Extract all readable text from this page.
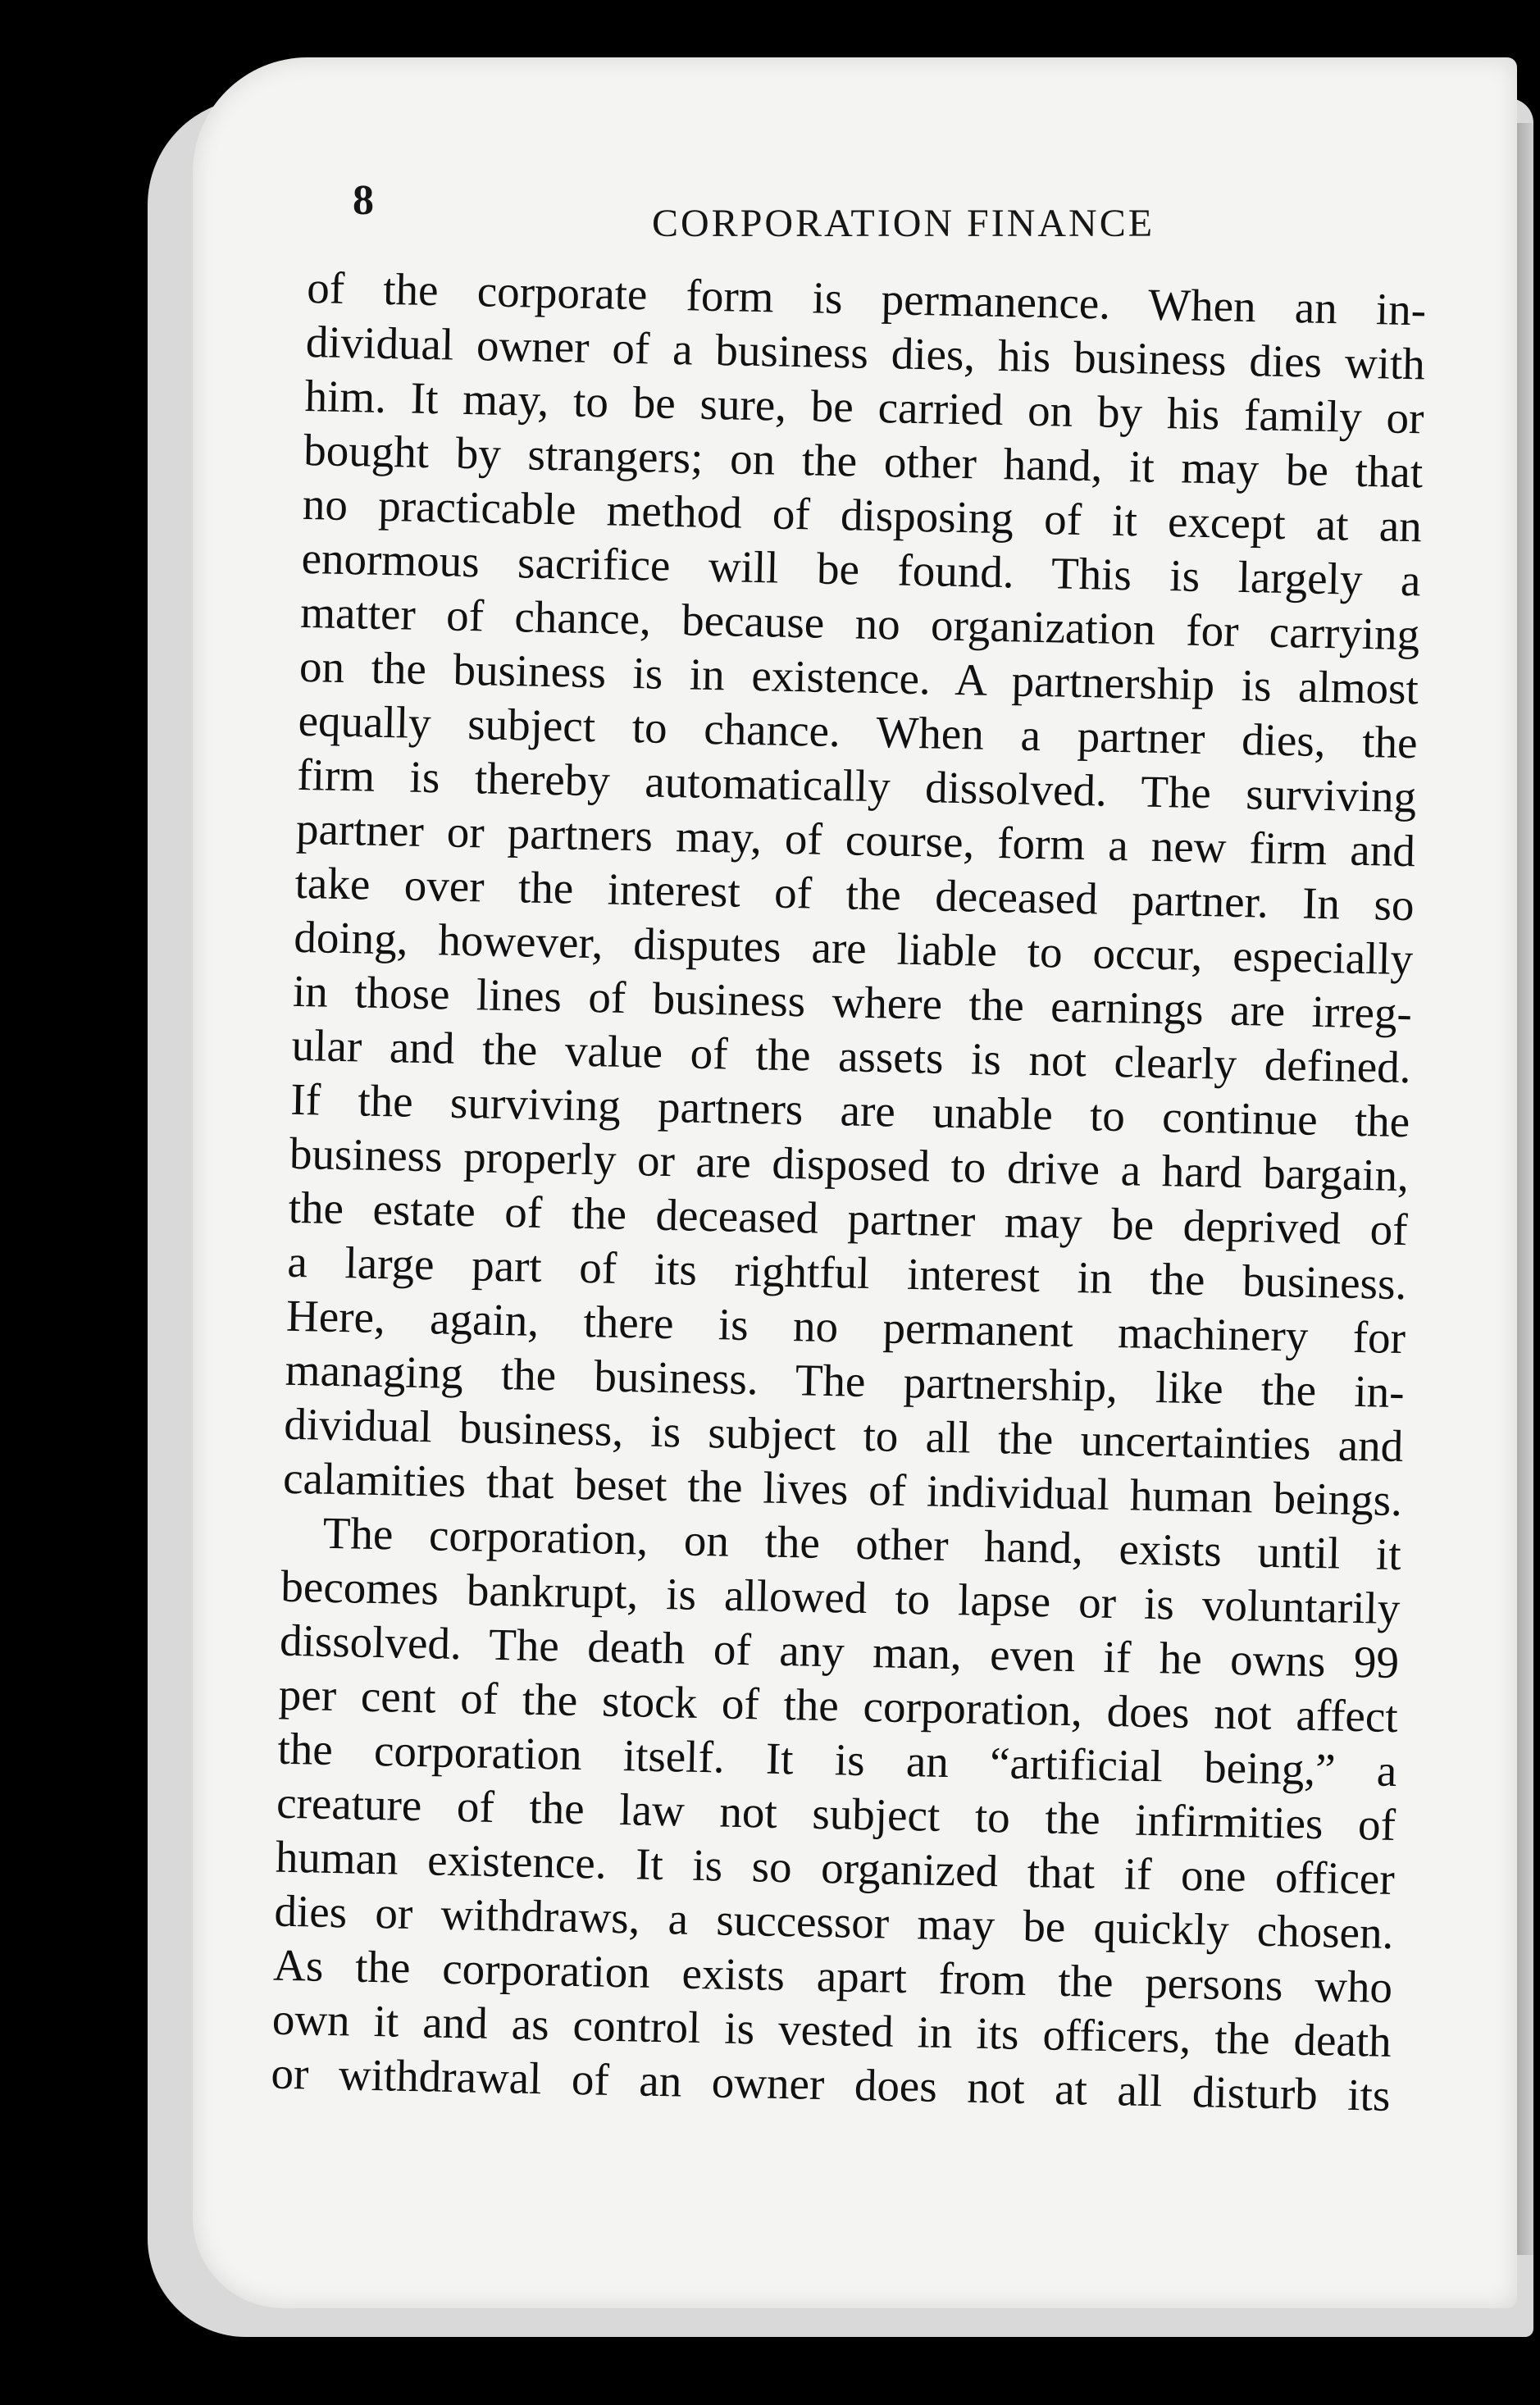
8	CORPORATION FINANCE
of the corporate form is permanence. When an in-
dividual owner of a business dies, his business dies with
him. It may, to be sure, be carried on by his family or
bought by strangers; on the other hand, it may be that
no practicable method of disposing of it except at an
enormous sacrifice will be found. This is largely a
matter of chance, because no organization for carrying
on the business is in existence. A partnership is almost
equally subject to chance. When a partner dies, the
firm is thereby automatically dissolved. The surviving
partner or partners may, of course, form a new firm and
take over the interest of the deceased partner. In so
doing, however, disputes are liable to occur, especially
in those lines of business where the earnings are irreg-
ular and the value of the assets is not clearly defined.
If the surviving partners are unable to continue the
business properly or are disposed to drive a hard bargain,
the estate of the deceased partner may be deprived of
a large part of its rightful interest in the business.
Here, again, there is no permanent machinery for
managing the business. The partnership, like the in-
dividual business, is subject to all the uncertainties and
calamities that beset the lives of individual human beings.
The corporation, on the other hand, exists until it
becomes bankrupt, is allowed to lapse or is voluntarily
dissolved. The death of any man, even if he owns 99
per cent of the stock of the corporation, does not affect
the corporation itself. It is an “artificial being,” a
creature of the law not subject to the infirmities of
human existence. It is so organized that if one officer
dies or withdraws, a successor may be quickly chosen.
As the corporation exists apart from the persons who
own it and as control is vested in its officers, the death
or withdrawal of an owner does not at all disturb its
